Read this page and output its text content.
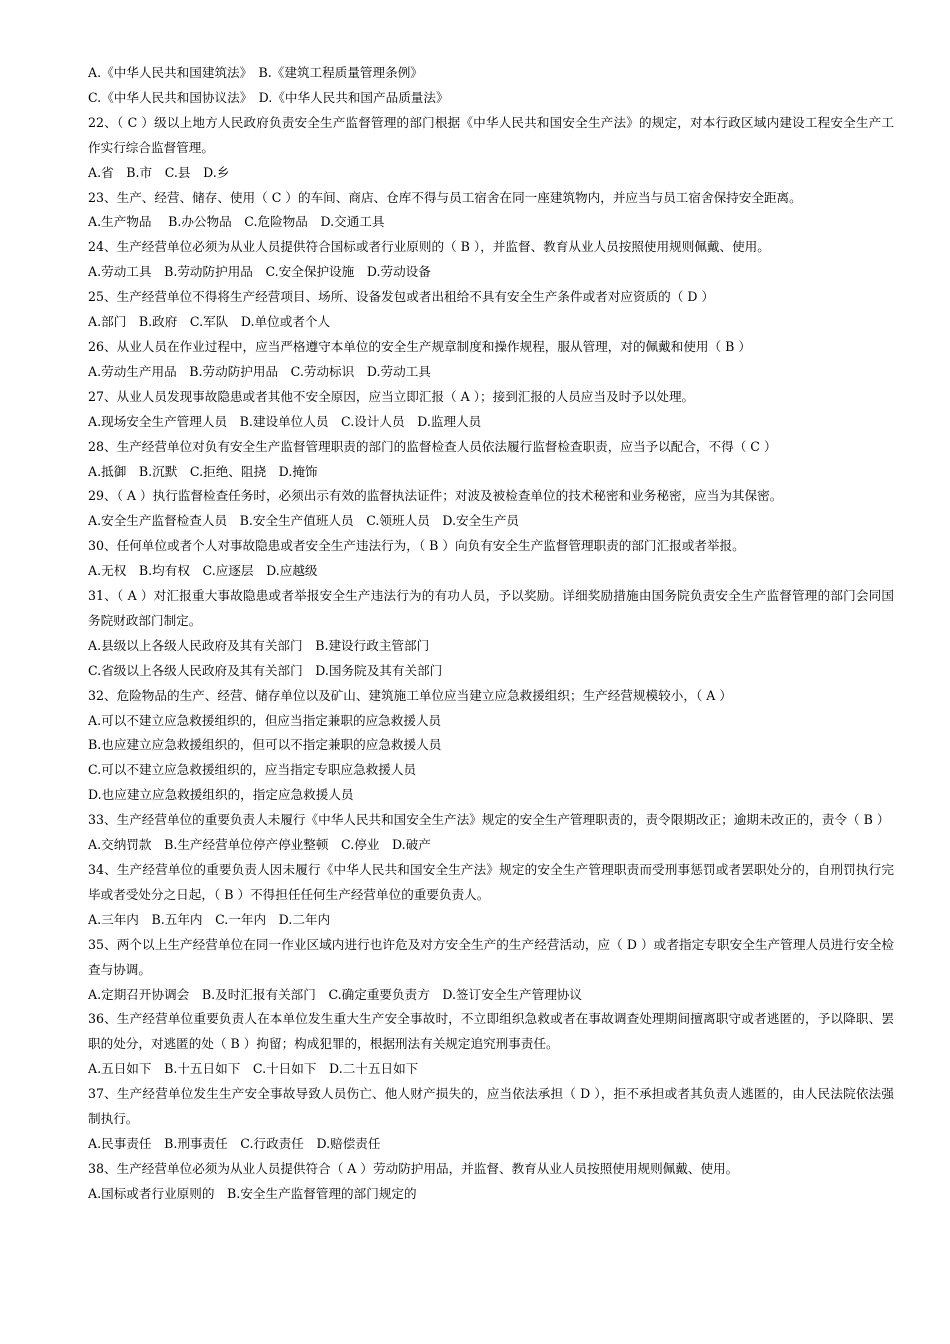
A.《中华人民共和国建筑法》　B.《建筑工程质量管理条例》

C.《中华人民共和国协议法》　D.《中华人民共和国产品质量法》

22、（ C ）级以上地方人民政府负责安全生产监督管理的部门根据《中华人民共和国安全生产法》的规定，对本行政区域内建设工程安全生产工作实行综合监督管理。

A.省　B.市　C.县　D.乡

23、生产、经营、储存、使用（ C ）的车间、商店、仓库不得与员工宿舍在同一座建筑物内，并应当与员工宿舍保持安全距离。

A.生产物品　 B.办公物品　C.危险物品　D.交通工具

24、生产经营单位必须为从业人员提供符合国标或者行业原则的（ B ），并监督、教育从业人员按照使用规则佩戴、使用。

A.劳动工具　B.劳动防护用品　C.安全保护设施　D.劳动设备

25、生产经营单位不得将生产经营项目、场所、设备发包或者出租给不具有安全生产条件或者对应资质的（ D ）

A.部门　B.政府　C.军队　D.单位或者个人

26、从业人员在作业过程中，应当严格遵守本单位的安全生产规章制度和操作规程，服从管理，对的佩戴和使用（ B ）

A.劳动生产用品　B.劳动防护用品　C.劳动标识　D.劳动工具

27、从业人员发现事故隐患或者其他不安全原因，应当立即汇报（ A ）；接到汇报的人员应当及时予以处理。

A.现场安全生产管理人员　B.建设单位人员　C.设计人员　D.监理人员

28、生产经营单位对负有安全生产监督管理职责的部门的监督检查人员依法履行监督检查职责，应当予以配合，不得（ C ）

A.抵御　B.沉默　C.拒绝、阻挠　D.掩饰

29、（ A ）执行监督检查任务时，必须出示有效的监督执法证件；对波及被检查单位的技术秘密和业务秘密，应当为其保密。

A.安全生产监督检查人员　B.安全生产值班人员　C.领班人员　D.安全生产员

30、任何单位或者个人对事故隐患或者安全生产违法行为，（ B ）向负有安全生产监督管理职责的部门汇报或者举报。

A.无权　B.均有权　C.应逐层　D.应越级

31、（ A ）对汇报重大事故隐患或者举报安全生产违法行为的有功人员，予以奖励。详细奖励措施由国务院负责安全生产监督管理的部门会同国务院财政部门制定。

A.县级以上各级人民政府及其有关部门　B.建设行政主管部门

C.省级以上各级人民政府及其有关部门　D.国务院及其有关部门

32、危险物品的生产、经营、储存单位以及矿山、建筑施工单位应当建立应急救援组织；生产经营规模较小，（ A ）

A.可以不建立应急救援组织的，但应当指定兼职的应急救援人员

B.也应建立应急救援组织的，但可以不指定兼职的应急救援人员

C.可以不建立应急救援组织的，应当指定专职应急救援人员

D.也应建立应急救援组织的，指定应急救援人员

33、生产经营单位的重要负责人未履行《中华人民共和国安全生产法》规定的安全生产管理职责的，责令限期改正；逾期未改正的，责令（ B ）

A.交纳罚款　B.生产经营单位停产停业整顿　C.停业　D.破产

34、生产经营单位的重要负责人因未履行《中华人民共和国安全生产法》规定的安全生产管理职责而受刑事惩罚或者罢职处分的，自刑罚执行完毕或者受处分之日起，（ B ）不得担任任何生产经营单位的重要负责人。

A.三年内　B.五年内　C.一年内　D.二年内

35、两个以上生产经营单位在同一作业区域内进行也许危及对方安全生产的生产经营活动，应（ D ）或者指定专职安全生产管理人员进行安全检查与协调。

A.定期召开协调会　B.及时汇报有关部门　C.确定重要负责方　D.签订安全生产管理协议

36、生产经营单位重要负责人在本单位发生重大生产安全事故时，不立即组织急救或者在事故调查处理期间擅离职守或者逃匿的，予以降职、罢职的处分，对逃匿的处（ B ）拘留；构成犯罪的，根据刑法有关规定追究刑事责任。

A.五日如下　B.十五日如下　C.十日如下　D.二十五日如下

37、生产经营单位发生生产安全事故导致人员伤亡、他人财产损失的，应当依法承担（ D ），拒不承担或者其负责人逃匿的，由人民法院依法强制执行。

A.民事责任　B.刑事责任　C.行政责任　D.赔偿责任

38、生产经营单位必须为从业人员提供符合（ A ）劳动防护用品，并监督、教育从业人员按照使用规则佩戴、使用。

A.国标或者行业原则的　B.安全生产监督管理的部门规定的
